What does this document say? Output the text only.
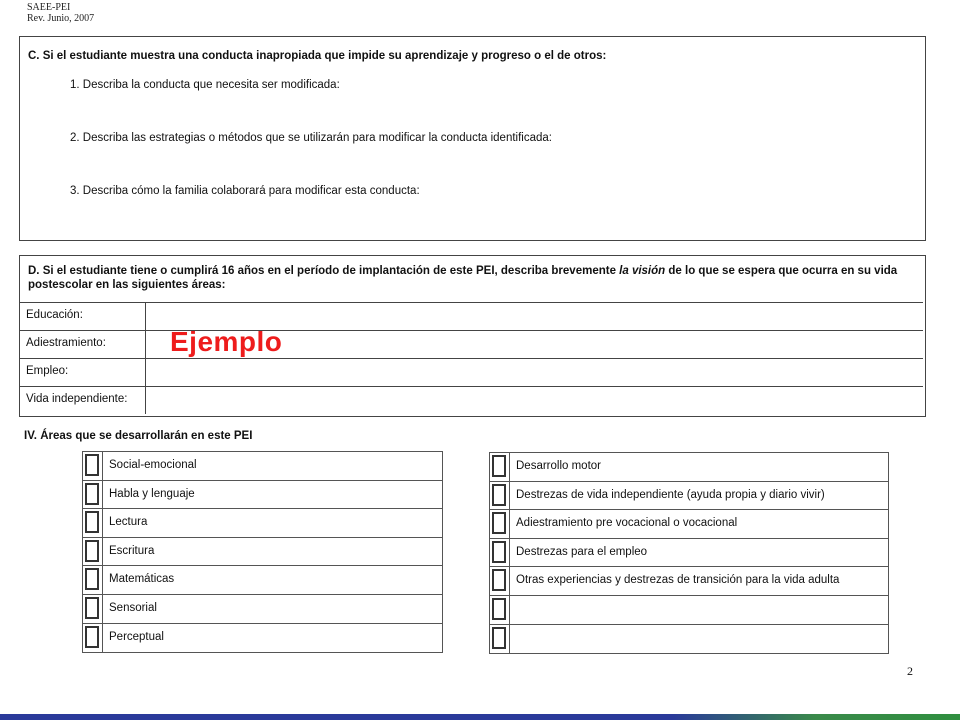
SAEE-PEI
Rev. Junio, 2007
C. Si el estudiante muestra una conducta inapropiada que impide su aprendizaje y progreso o el de otros:
1. Describa la conducta que necesita ser modificada:
2. Describa las estrategias o métodos que se utilizarán para modificar la conducta identificada:
3. Describa cómo la familia colaborará para modificar esta conducta:
D. Si el estudiante tiene o cumplirá 16 años en el período de implantación de este PEI, describa brevemente la visión de lo que se espera que ocurra en su vida postescolar en las siguientes áreas:
Educación:
Adiestramiento:
Empleo:
Vida independiente:
Ejemplo
IV. Áreas que se desarrollarán en este PEI
Social-emocional
Habla y lenguaje
Lectura
Escritura
Matemáticas
Sensorial
Perceptual
Desarrollo motor
Destrezas de vida independiente (ayuda propia y diario vivir)
Adiestramiento pre vocacional o vocacional
Destrezas para el empleo
Otras experiencias y destrezas de transición para la vida adulta
2
